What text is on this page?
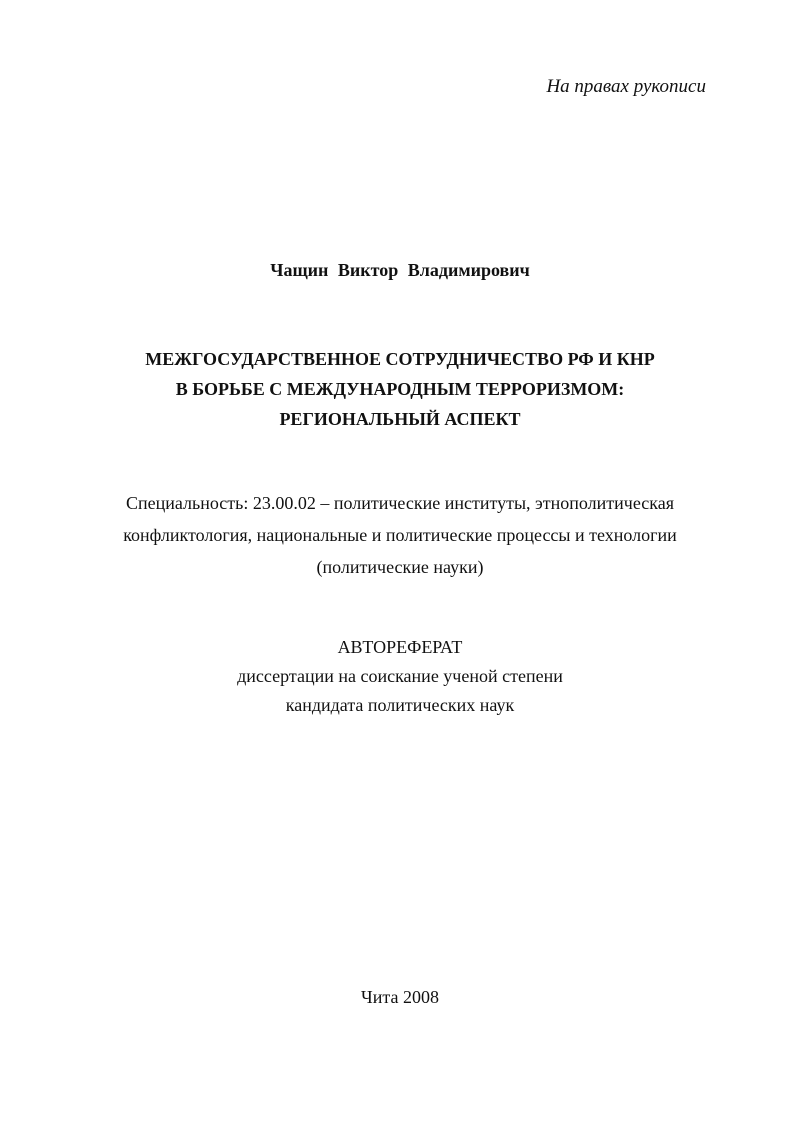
На правах рукописи
Чащин Виктор Владимирович
МЕЖГОСУДАРСТВЕННОЕ СОТРУДНИЧЕСТВО РФ И КНР
В БОРЬБЕ С МЕЖДУНАРОДНЫМ ТЕРРОРИЗМОМ:
РЕГИОНАЛЬНЫЙ АСПЕКТ
Специальность: 23.00.02 – политические институты, этнополитическая
конфликтология, национальные и политические процессы и технологии
(политические науки)
АВТОРЕФЕРАТ
диссертации на соискание ученой степени
кандидата политических наук
Чита 2008
